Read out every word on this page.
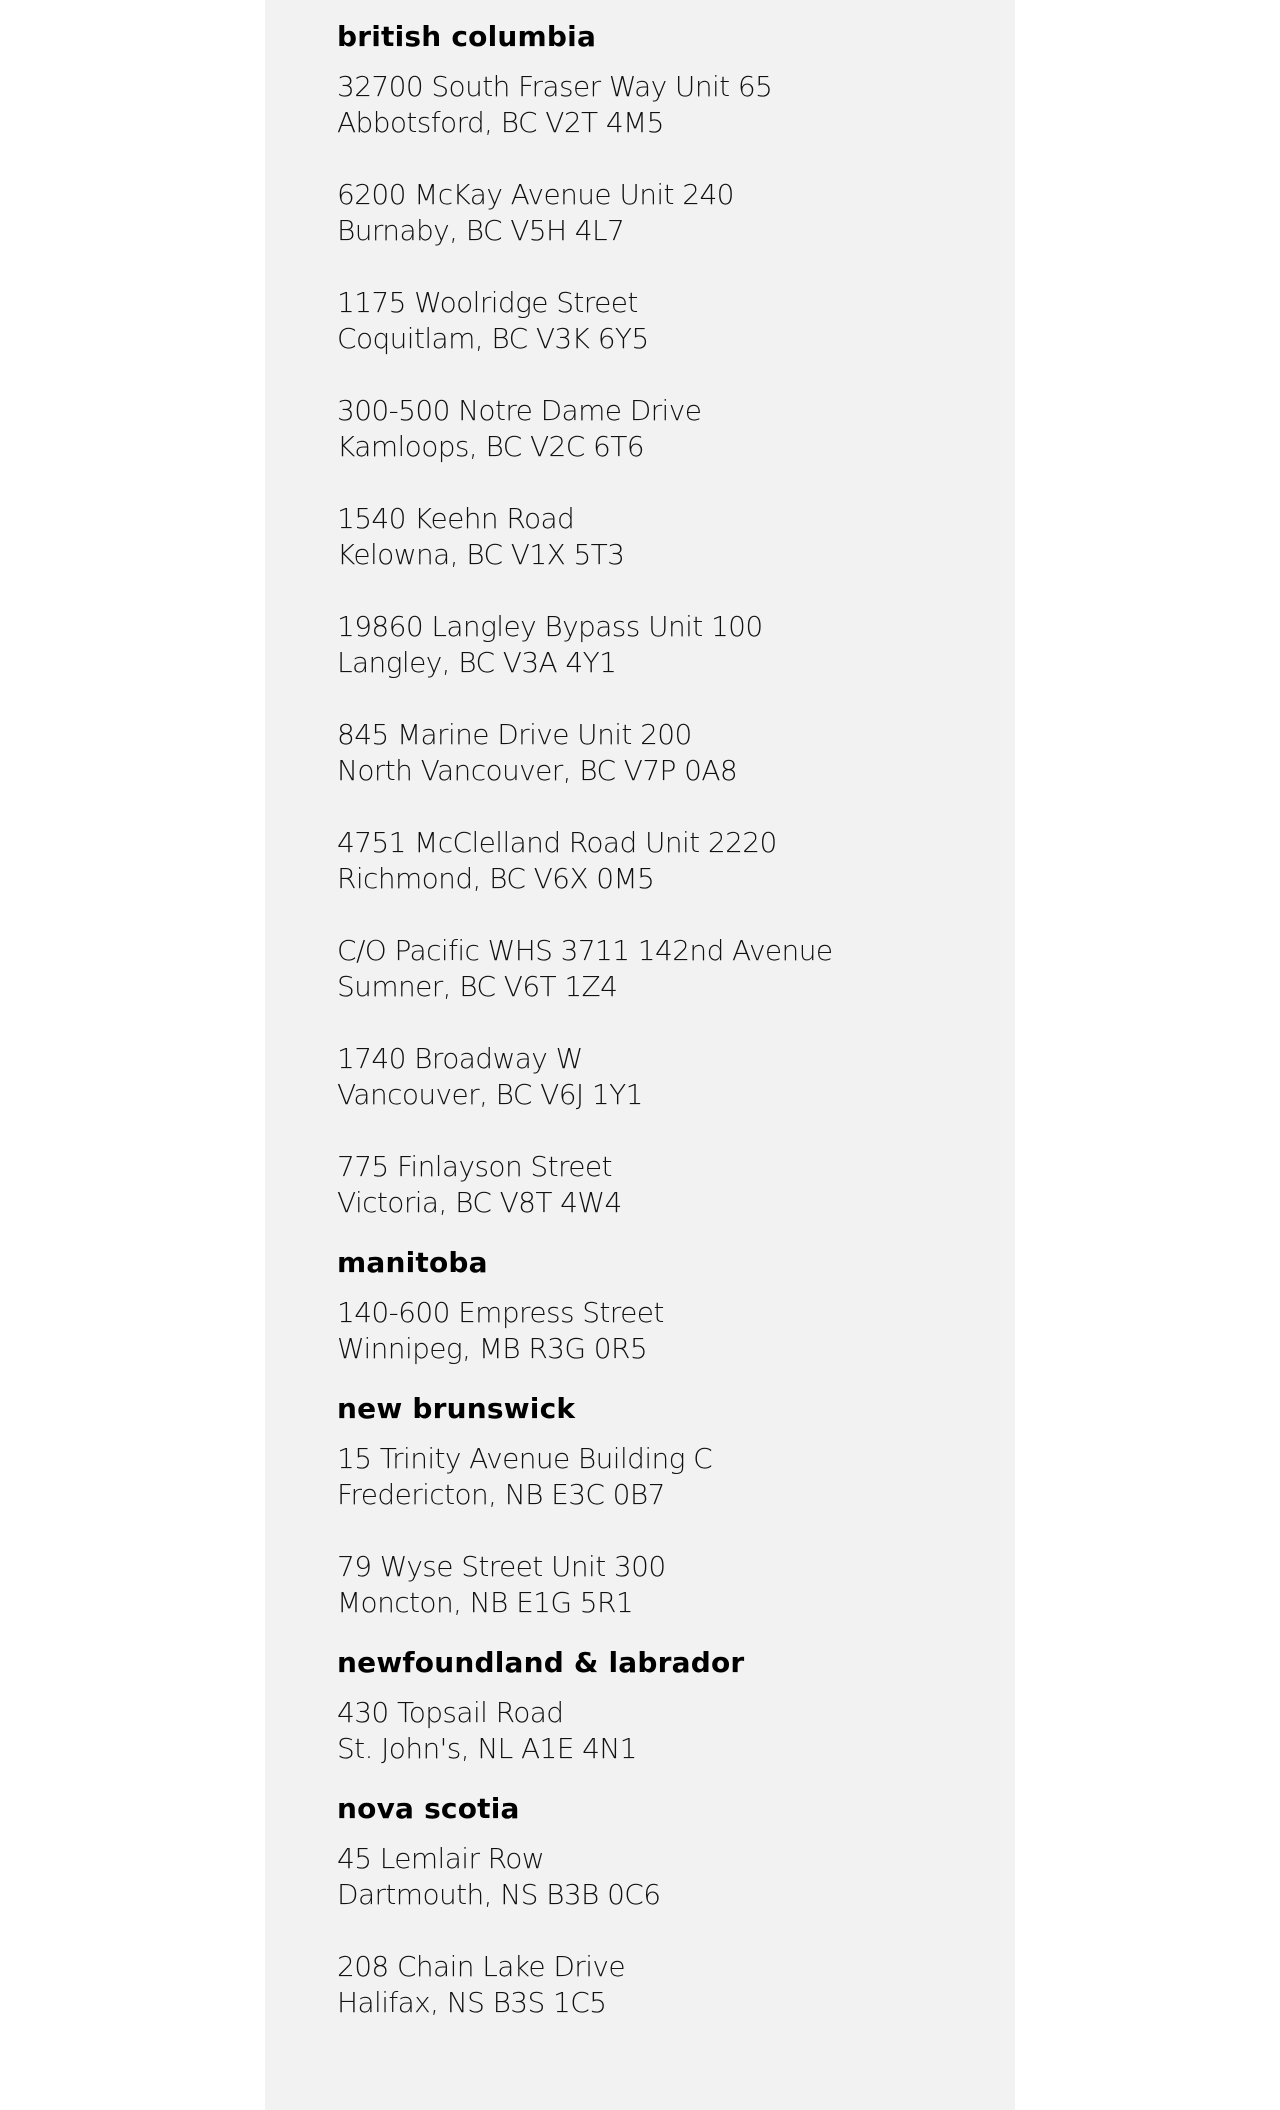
british columbia
32700 South Fraser Way Unit 65
Abbotsford, BC V2T 4M5
6200 McKay Avenue Unit 240
Burnaby, BC V5H 4L7
1175 Woolridge Street
Coquitlam, BC V3K 6Y5
300-500 Notre Dame Drive
Kamloops, BC V2C 6T6
1540 Keehn Road
Kelowna, BC V1X 5T3
19860 Langley Bypass Unit 100
Langley, BC V3A 4Y1
845 Marine Drive Unit 200
North Vancouver, BC V7P 0A8
4751 McClelland Road Unit 2220
Richmond, BC V6X 0M5
C/O Pacific WHS 3711 142nd Avenue
Sumner, BC V6T 1Z4
1740 Broadway W
Vancouver, BC V6J 1Y1
775 Finlayson Street
Victoria, BC V8T 4W4
manitoba
140-600 Empress Street
Winnipeg, MB R3G 0R5
new brunswick
15 Trinity Avenue Building C
Fredericton, NB E3C 0B7
79 Wyse Street Unit 300
Moncton, NB E1G 5R1
newfoundland & labrador
430 Topsail Road
St. John's, NL A1E 4N1
nova scotia
45 Lemlair Row
Dartmouth, NS B3B 0C6
208 Chain Lake Drive
Halifax, NS B3S 1C5
